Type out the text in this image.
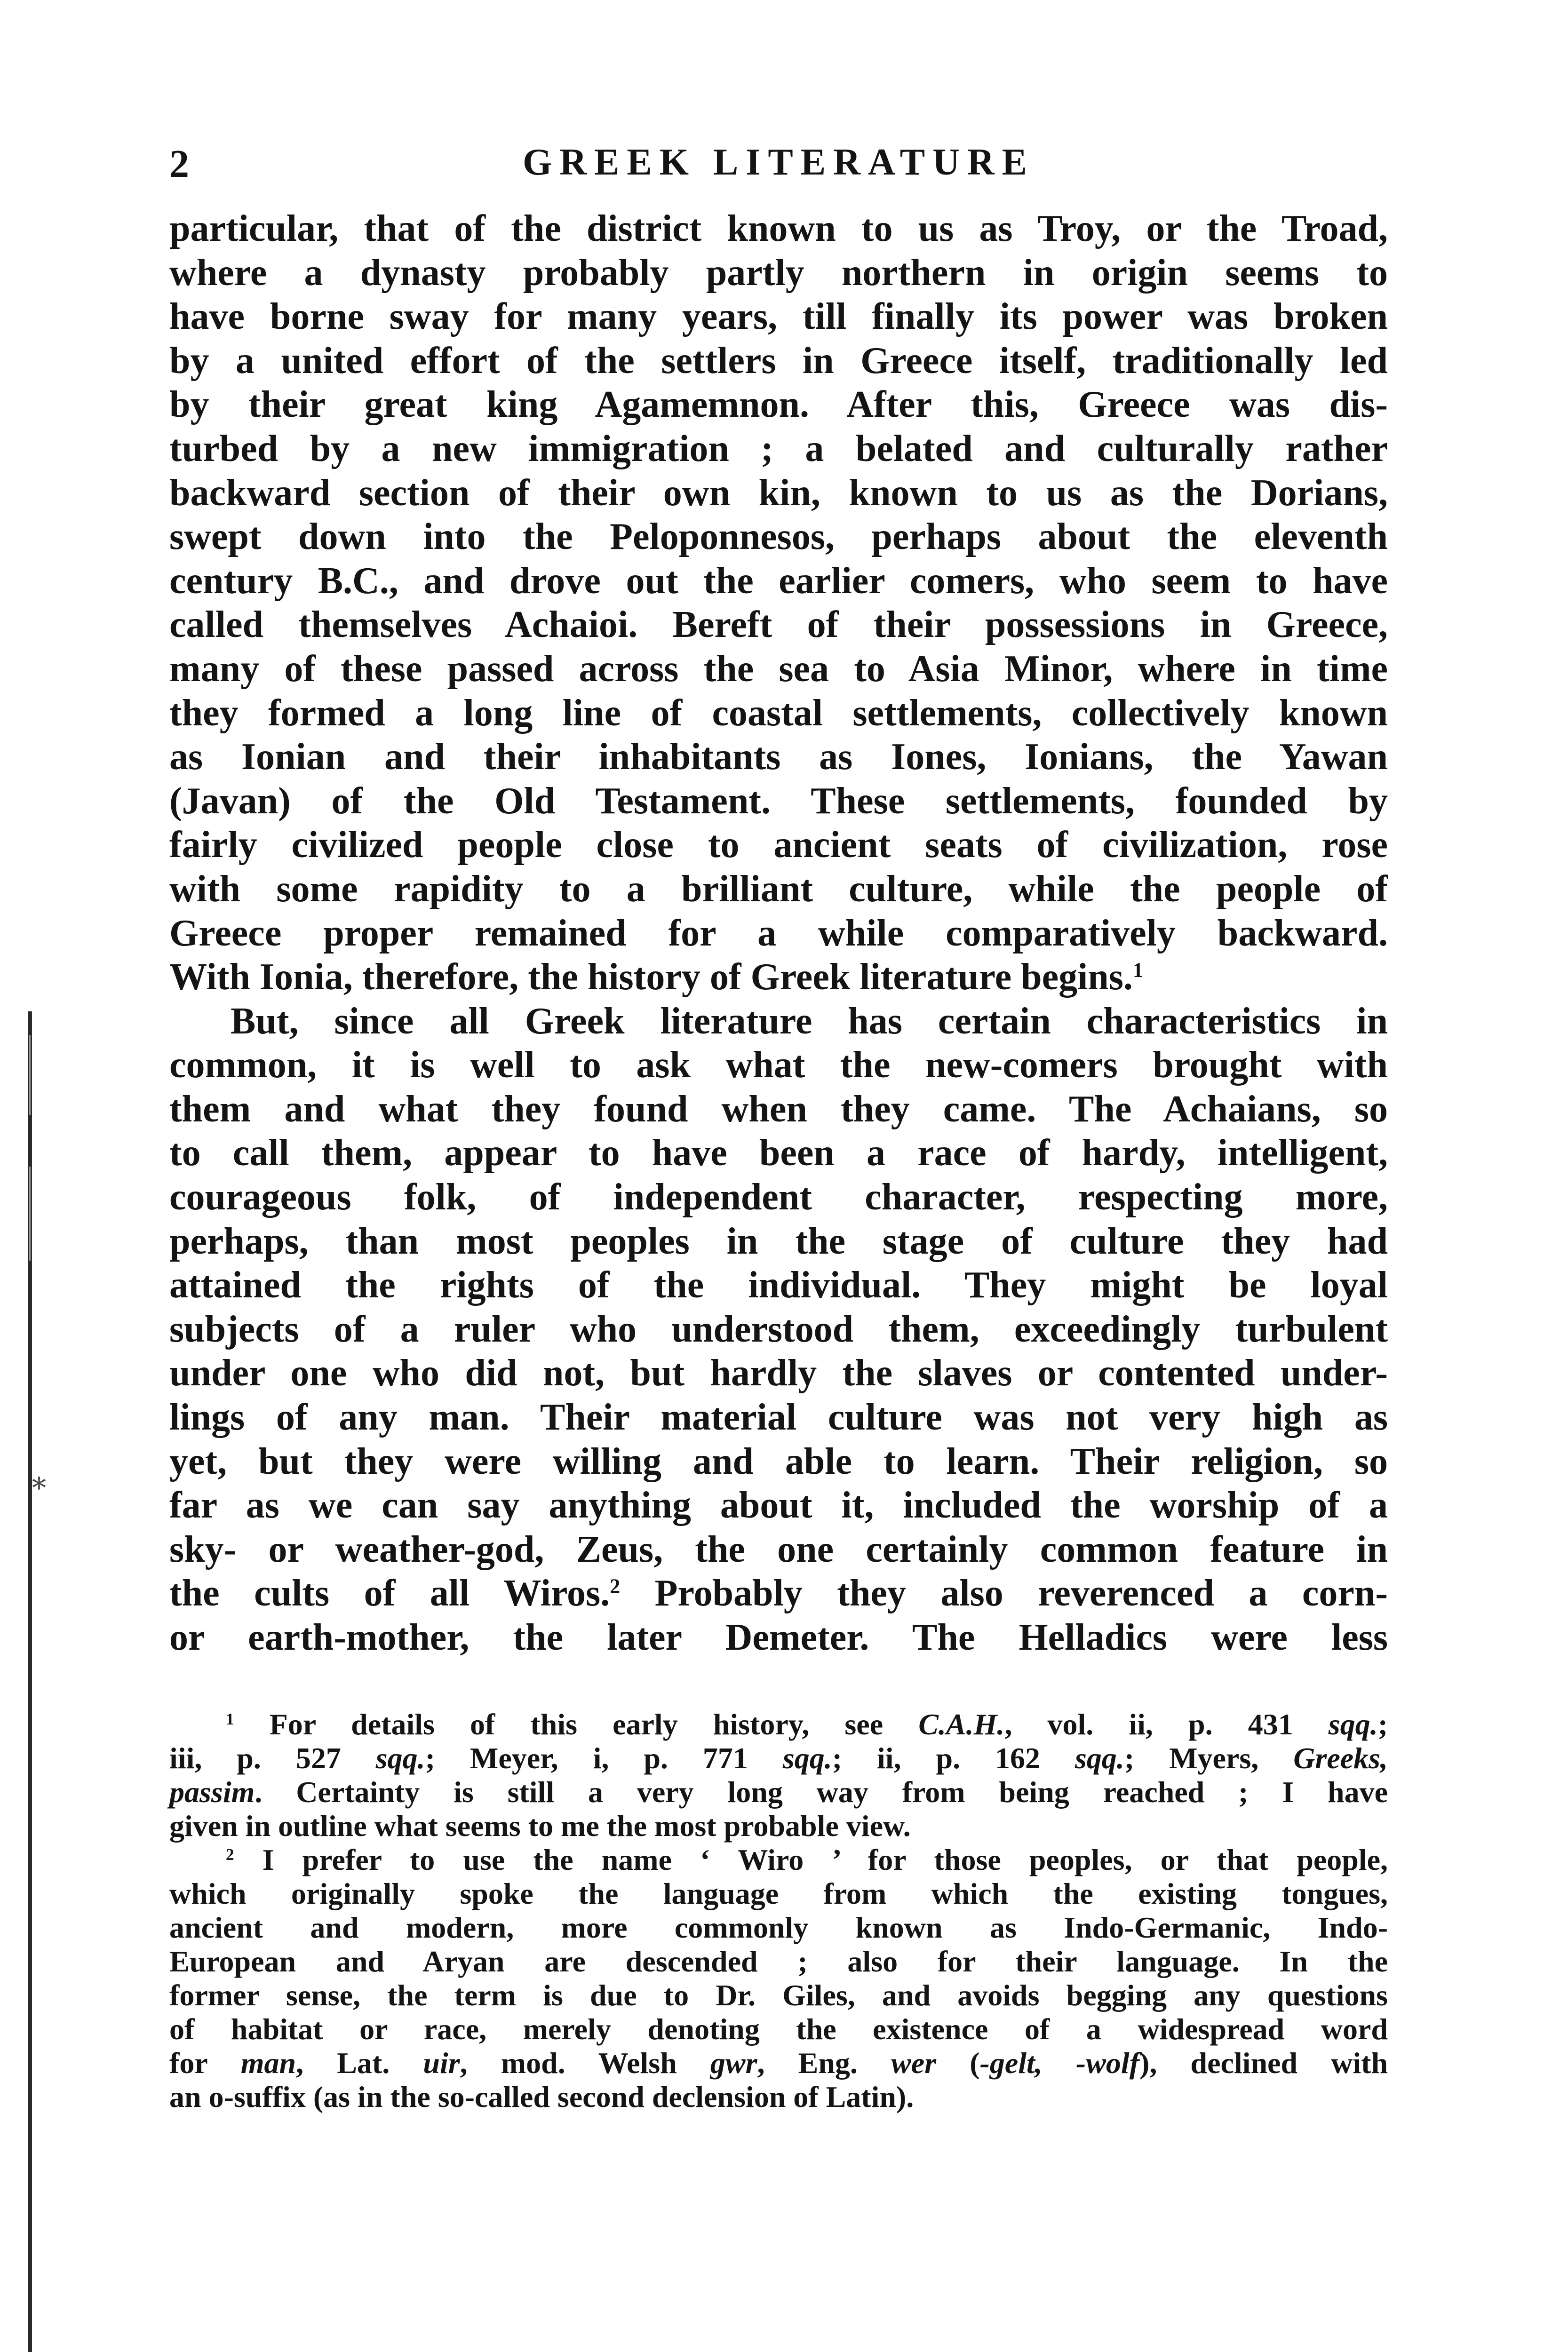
⁎
2	GREEK LITERATURE
particular, that of the district known to us as Troy, or the Troad,
where a dynasty probably partly northern in origin seems to
have borne sway for many years, till finally its power was broken
by a united effort of the settlers in Greece itself, traditionally led
by their great king Agamemnon. After this, Greece was dis-
turbed by a new immigration ; a belated and culturally rather
backward section of their own kin, known to us as the Dorians,
swept down into the Peloponnesos, perhaps about the eleventh
century B.C., and drove out the earlier comers, who seem to have
called themselves Achaioi. Bereft of their possessions in Greece,
many of these passed across the sea to Asia Minor, where in time
they formed a long line of coastal settlements, collectively known
as Ionian and their inhabitants as Iones, Ionians, the Yawan
(Javan) of the Old Testament. These settlements, founded by
fairly civilized people close to ancient seats of civilization, rose
with some rapidity to a brilliant culture, while the people of
Greece proper remained for a while comparatively backward.
With Ionia, therefore, the history of Greek literature begins.$^1$
But, since all Greek literature has certain characteristics in
common, it is well to ask what the new-comers brought with
them and what they found when they came. The Achaians, so
to call them, appear to have been a race of hardy, intelligent,
courageous folk, of independent character, respecting more,
perhaps, than most peoples in the stage of culture they had
attained the rights of the individual. They might be loyal
subjects of a ruler who understood them, exceedingly turbulent
under one who did not, but hardly the slaves or contented under-
lings of any man. Their material culture was not very high as
yet, but they were willing and able to learn. Their religion, so
far as we can say anything about it, included the worship of a
sky- or weather-god, Zeus, the one certainly common feature in
the cults of all Wiros.$^2$ Probably they also reverenced a corn-
or earth-mother, the later Demeter. The Helladics were less
$^1$ For details of this early history, see C.A.H., vol. ii, p. 431 sqq.;
iii, p. 527 sqq.; Meyer, i, p. 771 sqq.; ii, p. 162 sqq.; Myers, Greeks,
passim. Certainty is still a very long way from being reached ; I have
given in outline what seems to me the most probable view.
$^2$ I prefer to use the name ‘ Wiro ’ for those peoples, or that people,
which originally spoke the language from which the existing tongues,
ancient and modern, more commonly known as Indo-Germanic, Indo-
European and Aryan are descended ; also for their language. In the
former sense, the term is due to Dr. Giles, and avoids begging any questions
of habitat or race, merely denoting the existence of a widespread word
for man, Lat. uir, mod. Welsh gwr, Eng. wer (-gelt, -wolf), declined with
an o-suffix (as in the so-called second declension of Latin).
